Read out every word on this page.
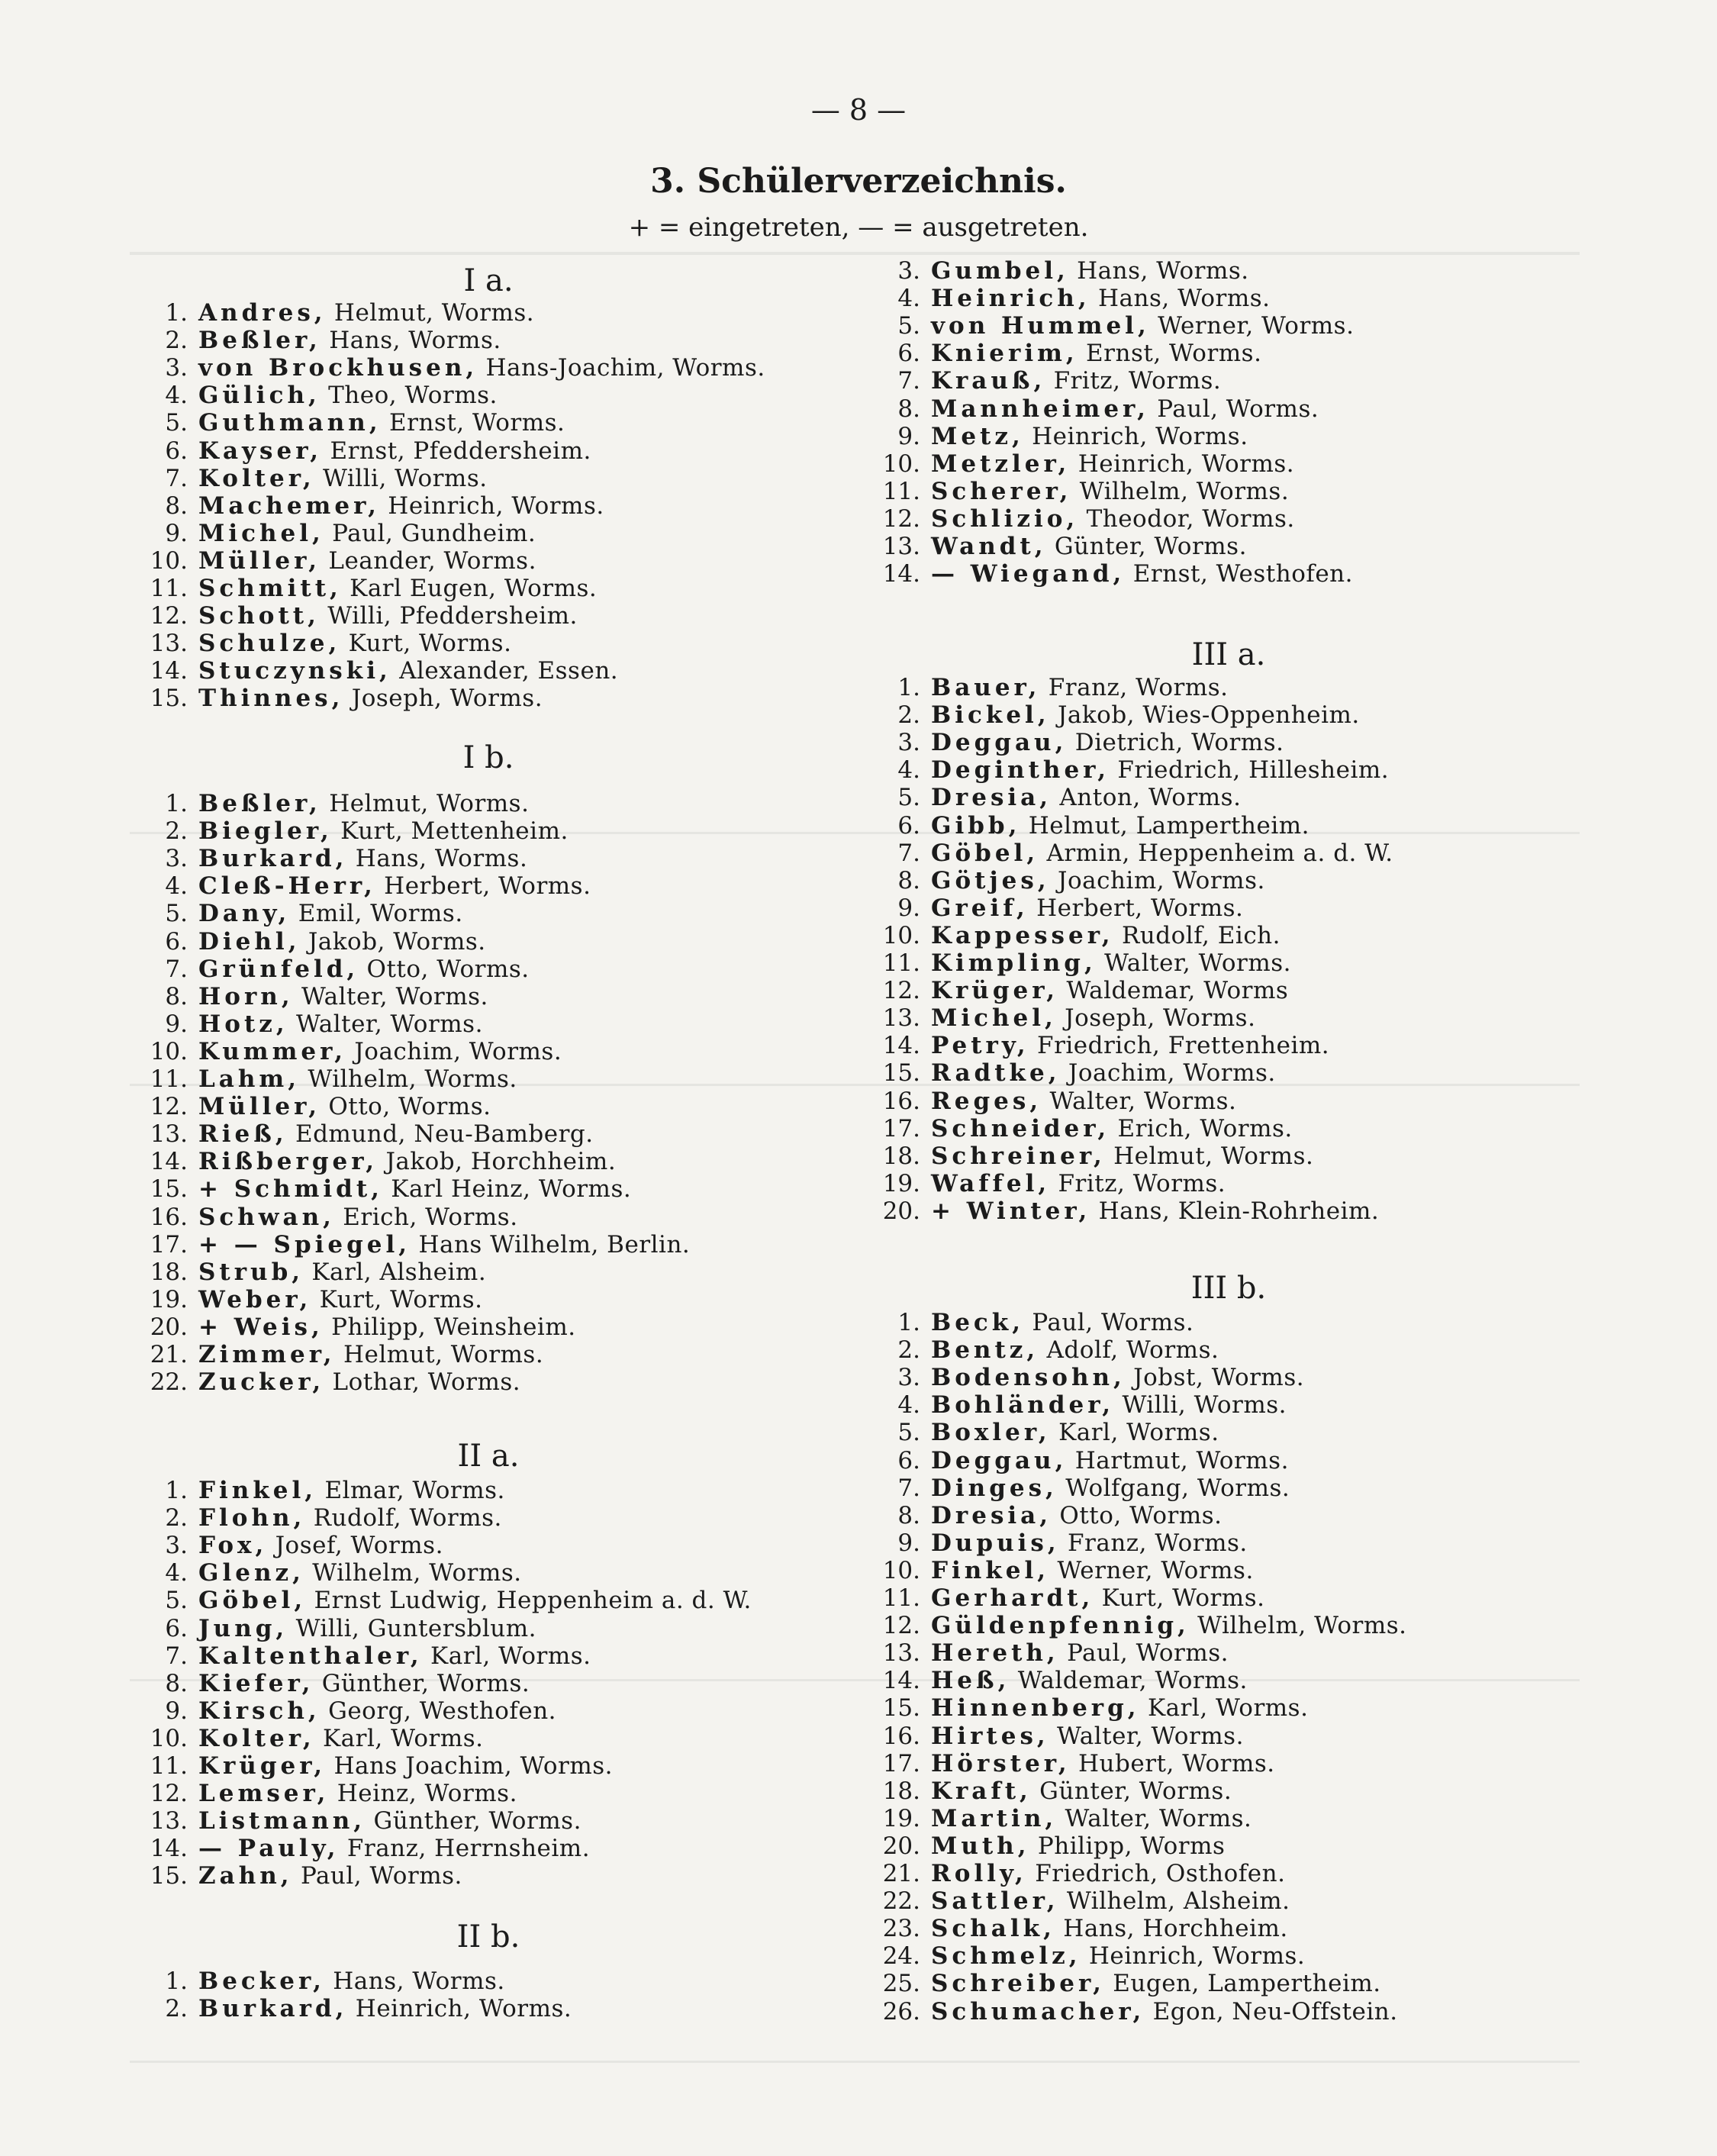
— 8 —
3. Schülerverzeichnis.
+ = eingetreten, — = ausgetreten.
I a.
1. Andres, Helmut, Worms.
2. Beßler, Hans, Worms.
3. von Brockhusen, Hans-Joachim, Worms.
4. Gülich, Theo, Worms.
5. Guthmann, Ernst, Worms.
6. Kayser, Ernst, Pfeddersheim.
7. Kolter, Willi, Worms.
8. Machemer, Heinrich, Worms.
9. Michel, Paul, Gundheim.
10. Müller, Leander, Worms.
11. Schmitt, Karl Eugen, Worms.
12. Schott, Willi, Pfeddersheim.
13. Schulze, Kurt, Worms.
14. Stuczynski, Alexander, Essen.
15. Thinnes, Joseph, Worms.
I b.
1. Beßler, Helmut, Worms.
2. Biegler, Kurt, Mettenheim.
3. Burkard, Hans, Worms.
4. Cleß-Herr, Herbert, Worms.
5. Dany, Emil, Worms.
6. Diehl, Jakob, Worms.
7. Grünfeld, Otto, Worms.
8. Horn, Walter, Worms.
9. Hotz, Walter, Worms.
10. Kummer, Joachim, Worms.
11. Lahm, Wilhelm, Worms.
12. Müller, Otto, Worms.
13. Rieß, Edmund, Neu-Bamberg.
14. Rißberger, Jakob, Horchheim.
15. + Schmidt, Karl Heinz, Worms.
16. Schwan, Erich, Worms.
17. + — Spiegel, Hans Wilhelm, Berlin.
18. Strub, Karl, Alsheim.
19. Weber, Kurt, Worms.
20. + Weis, Philipp, Weinsheim.
21. Zimmer, Helmut, Worms.
22. Zucker, Lothar, Worms.
II a.
1. Finkel, Elmar, Worms.
2. Flohn, Rudolf, Worms.
3. Fox, Josef, Worms.
4. Glenz, Wilhelm, Worms.
5. Göbel, Ernst Ludwig, Heppenheim a. d. W.
6. Jung, Willi, Guntersblum.
7. Kaltenthaler, Karl, Worms.
8. Kiefer, Günther, Worms.
9. Kirsch, Georg, Westhofen.
10. Kolter, Karl, Worms.
11. Krüger, Hans Joachim, Worms.
12. Lemser, Heinz, Worms.
13. Listmann, Günther, Worms.
14. — Pauly, Franz, Herrnsheim.
15. Zahn, Paul, Worms.
II b.
1. Becker, Hans, Worms.
2. Burkard, Heinrich, Worms.
3. Gumbel, Hans, Worms.
4. Heinrich, Hans, Worms.
5. von Hummel, Werner, Worms.
6. Knierim, Ernst, Worms.
7. Krauß, Fritz, Worms.
8. Mannheimer, Paul, Worms.
9. Metz, Heinrich, Worms.
10. Metzler, Heinrich, Worms.
11. Scherer, Wilhelm, Worms.
12. Schlizio, Theodor, Worms.
13. Wandt, Günter, Worms.
14. — Wiegand, Ernst, Westhofen.
III a.
1. Bauer, Franz, Worms.
2. Bickel, Jakob, Wies-Oppenheim.
3. Deggau, Dietrich, Worms.
4. Deginther, Friedrich, Hillesheim.
5. Dresia, Anton, Worms.
6. Gibb, Helmut, Lampertheim.
7. Göbel, Armin, Heppenheim a. d. W.
8. Götjes, Joachim, Worms.
9. Greif, Herbert, Worms.
10. Kappesser, Rudolf, Eich.
11. Kimpling, Walter, Worms.
12. Krüger, Waldemar, Worms
13. Michel, Joseph, Worms.
14. Petry, Friedrich, Frettenheim.
15. Radtke, Joachim, Worms.
16. Reges, Walter, Worms.
17. Schneider, Erich, Worms.
18. Schreiner, Helmut, Worms.
19. Waffel, Fritz, Worms.
20. + Winter, Hans, Klein-Rohrheim.
III b.
1. Beck, Paul, Worms.
2. Bentz, Adolf, Worms.
3. Bodensohn, Jobst, Worms.
4. Bohländer, Willi, Worms.
5. Boxler, Karl, Worms.
6. Deggau, Hartmut, Worms.
7. Dinges, Wolfgang, Worms.
8. Dresia, Otto, Worms.
9. Dupuis, Franz, Worms.
10. Finkel, Werner, Worms.
11. Gerhardt, Kurt, Worms.
12. Güldenpfennig, Wilhelm, Worms.
13. Hereth, Paul, Worms.
14. Heß, Waldemar, Worms.
15. Hinnenberg, Karl, Worms.
16. Hirtes, Walter, Worms.
17. Hörster, Hubert, Worms.
18. Kraft, Günter, Worms.
19. Martin, Walter, Worms.
20. Muth, Philipp, Worms
21. Rolly, Friedrich, Osthofen.
22. Sattler, Wilhelm, Alsheim.
23. Schalk, Hans, Horchheim.
24. Schmelz, Heinrich, Worms.
25. Schreiber, Eugen, Lampertheim.
26. Schumacher, Egon, Neu-Offstein.
